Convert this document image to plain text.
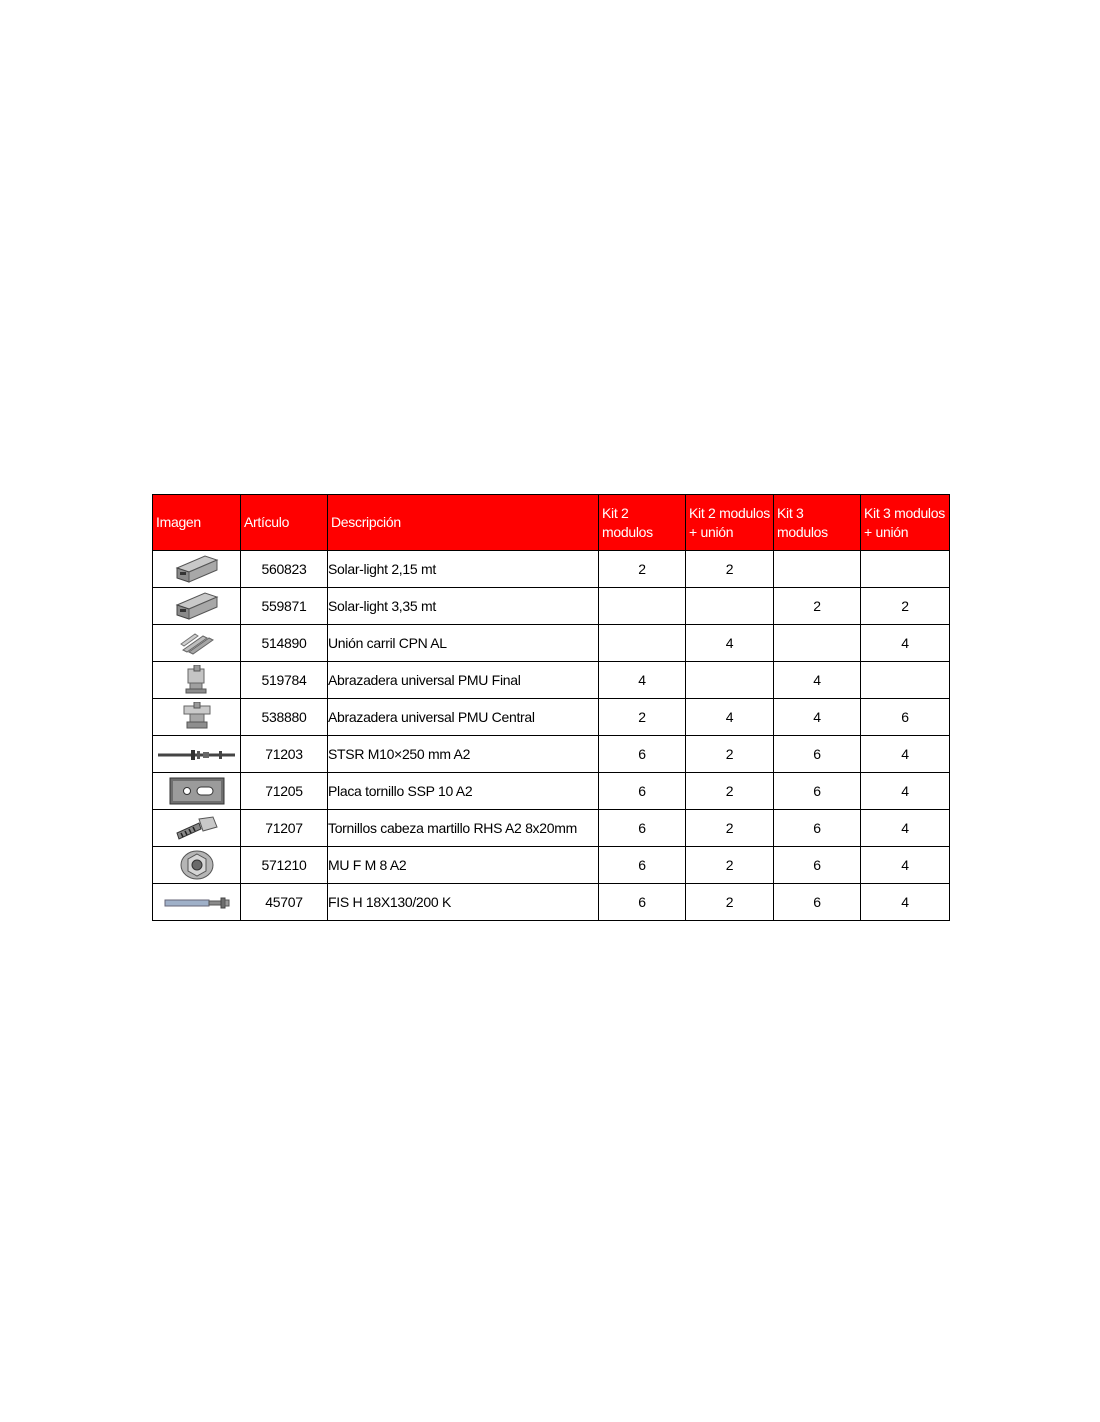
Imagen	Artículo	Descripción	Kit 2 modulos	Kit 2 modulos + unión	Kit 3 modulos	Kit 3 modulos + unión

	560823	Solar-light 2,15 mt	2	2		

	559871	Solar-light 3,35 mt			2	2

	514890	Unión carril CPN AL		4		4

	519784	Abrazadera universal PMU Final	4		4	

	538880	Abrazadera universal PMU Central	2	4	4	6

	71203	STSR M10×250 mm A2	6	2	6	4

	71205	Placa tornillo SSP 10 A2	6	2	6	4

	71207	Tornillos cabeza martillo RHS A2 8x20mm	6	2	6	4

	571210	MU F M 8 A2	6	2	6	4

	45707	FIS H 18X130/200 K	6	2	6	4
